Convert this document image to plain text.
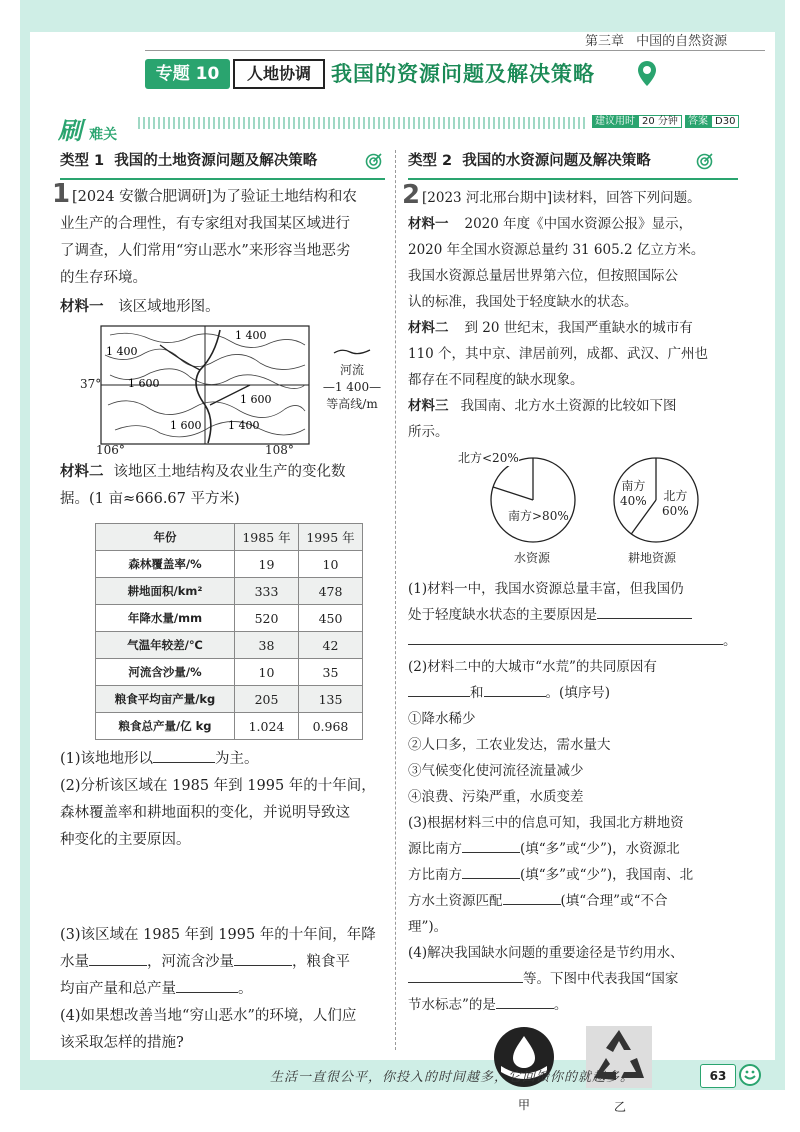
第三章 中国的自然资源
专题 10	人地协调 我国的资源问题及解决策略
刷 难关
建议用时 20 分钟	答案 D30
类型 1  我国的土地资源问题及解决策略
1 [2024 安徽合肥调研]为了验证土地结构和农
业生产的合理性，有专家组对我国某区域进行
了调查，人们常用“穷山恶水”来形容当地恶劣
的生存环境。
材料一 该区域地形图。
1 400
1 400
1 600
1 600
1 600 1 400
37°
106°	108°
河流
—1 400—
等高线/m
材料二 该地区土地结构及农业生产的变化数
据。(1 亩≈666.67 平方米)
年份	1985 年	1995 年
森林覆盖率/%	19	10
耕地面积/km²	333	478
年降水量/mm	520	450
气温年较差/℃	38	42
河流含沙量/%	10	35
粮食平均亩产量/kg	205	135
粮食总产量/亿 kg	1.024	0.968
(1)该地地形以	为主。
(2)分析该区域在 1985 年到 1995 年的十年间，
森林覆盖率和耕地面积的变化，并说明导致这
种变化的主要原因。
(3)该区域在 1985 年到 1995 年的十年间，年降
水量	，河流含沙量	，粮食平
均亩产量和总产量	。
(4)如果想改善当地“穷山恶水”的环境，人们应
该采取怎样的措施?
类型 2  我国的水资源问题及解决策略
2 [2023 河北邢台期中]读材料，回答下列问题。
材料一 2020 年度《中国水资源公报》显示，
2020 年全国水资源总量约 31 605.2 亿立方米。
我国水资源总量居世界第六位，但按照国际公
认的标准，我国处于轻度缺水的状态。
材料二 到 20 世纪末，我国严重缺水的城市有
110 个，其中京、津居前列，成都、武汉、广州也
都存在不同程度的缺水现象。
材料三 我国南、北方水土资源的比较如下图
所示。
北方<20%
南方>80%
水资源
南方
40% 北方
60%
耕地资源
(1)材料一中，我国水资源总量丰富，但我国仍
处于轻度缺水状态的主要原因是
。
(2)材料二中的大城市“水荒”的共同原因有
和	。(填序号)
①降水稀少
②人口多，工农业发达，需水量大
③气候变化使河流径流量减少
④浪费、污染严重，水质变差
(3)根据材料三中的信息可知，我国北方耕地资
源比南方	(填“多”或“少”)，水资源北
方比南方	(填“多”或“少”)，我国南、北
方水土资源匹配	(填“合理”或“不合
理”)。
(4)解决我国缺水问题的重要途径是节约用水、
等。下图中代表我国“国家
节水标志”的是	。
甲	乙
生活一直很公平，你投入的时间越多，它回馈你的就越多。	63
